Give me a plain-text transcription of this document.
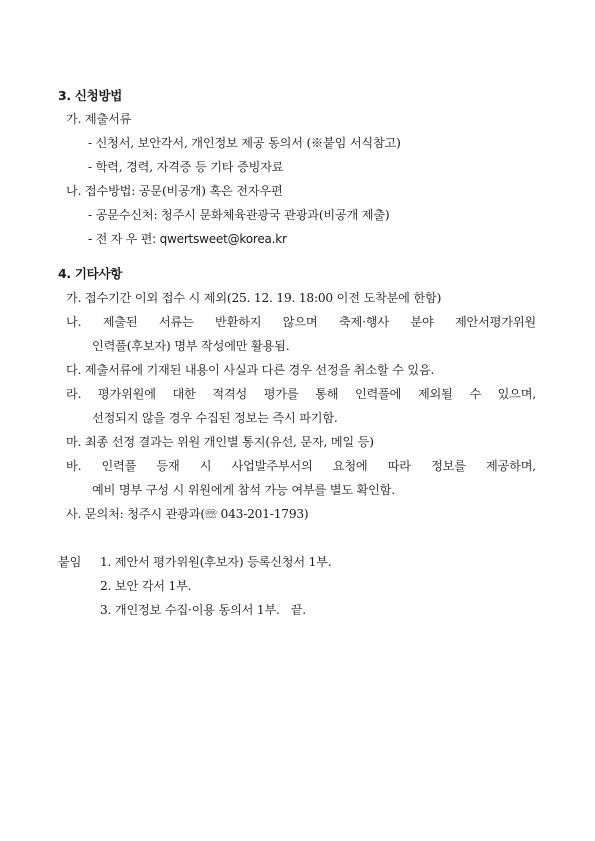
3. 신청방법
가. 제출서류
- 신청서, 보안각서, 개인정보 제공 동의서 (※붙임 서식참고)
- 학력, 경력, 자격증 등 기타 증빙자료
나. 접수방법: 공문(비공개) 혹은 전자우편
- 공문수신처: 청주시 문화체육관광국 관광과(비공개 제출)
- 전 자 우 편: qwertsweet@korea.kr
4. 기타사항
가. 접수기간 이외 접수 시 제외(25. 12. 19. 18:00 이전 도착분에 한함)
나. 제출된 서류는 반환하지 않으며 축제·행사 분야 제안서평가위원
인력풀(후보자) 명부 작성에만 활용됨.
다. 제출서류에 기재된 내용이 사실과 다른 경우 선정을 취소할 수 있음.
라. 평가위원에 대한 적격성 평가를 통해 인력풀에 제외될 수 있으며,
선정되지 않을 경우 수집된 정보는 즉시 파기함.
마. 최종 선정 결과는 위원 개인별 통지(유선, 문자, 메일 등)
바. 인력풀 등재 시 사업발주부서의 요청에 따라 정보를 제공하며,
예비 명부 구성 시 위원에게 참석 가능 여부를 별도 확인함.
사. 문의처: 청주시 관광과(☏ 043-201-1793)
붙임 1. 제안서 평가위원(후보자) 등록신청서 1부.
2. 보안 각서 1부.
3. 개인정보 수집·이용 동의서 1부.   끝.
